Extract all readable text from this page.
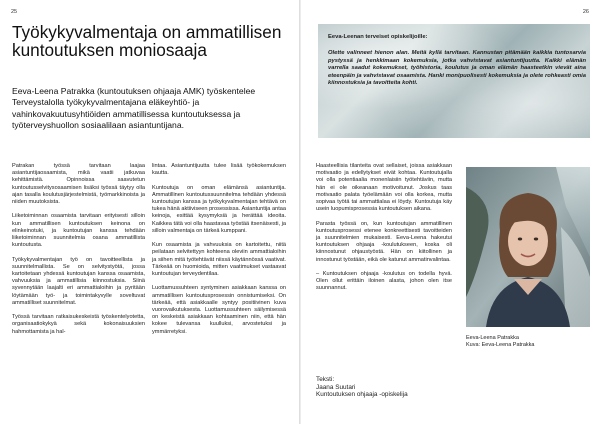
25
Työkykyvalmentaja on ammatillisen
kuntoutuksen moniosaaja

Eeva-Leena Patrakka (kuntoutuksen ohjaaja AMK) työskentelee Terveystalolla työkykyvalmentajana eläkeyhtiö- ja vahinkovakuutusyhtiöiden ammatillisessa kuntoutuksessa ja työterveyshuollon sosiaalilaan asiantuntijana.

Patrakan työssä tarvitaan laajaa asiantuntijaosaamista, mikä vaatii jatkuvaa kehittämistä. Opinnoissa saavutetun kuntoutusselvitysosaamisen lisäksi työssä täytyy olla ajan tasalla koulutusjärjestelmistä, työmarkkinoista ja niiden muutoksista.

Liiketoiminnan osaamista tarvitaan erityisesti silloin kun ammatillisen kuntoutuksen keinona on elinkeinotuki, ja kuntoutujan kanssa tehdään liiketoiminnan suunnitelmia osana ammatillista kuntoutusta.

Työkykyvalmentajan työ on tavoitteellista ja suunnitelmallista. Se on selvitystyötä, jossa kartoitetaan yhdessä kuntoutujan kanssa osaamista, vahvuuksia ja ammatillisia kiinnostuksia. Siinä syvennytään laajalti eri ammattialoihin ja pyritään löytämään työ- ja toimintakyvylle soveltuvat ammatilliset suunnitelmat.

Työssä tarvitaan ratkaisukeskeistä työskentelyotetta, organisaatiokykyä sekä kokonaisuuksien hahmottamista ja hal-

lintaa. Asiantuntijuutta tulee lisää työkokemuksen kautta.

Kuntoutuja on oman elämänsä asiantuntija. Ammatillinen kuntoutussuunnitelma tehdään yhdessä kuntoutujan kanssa ja työkykyvalmentajan tehtävä on tukea hänä aktiiviseen prosessissa. Asiantuntija antaa keinoja, esittää kysymyksiä ja herättää ideoita. Kaikkea tätä voi olla haastavaa työstää itsenäisesti, ja silloin valmentaja on tärkeä kumppani.

Kun osaamista ja vahvuuksia on kartoitettu, niitä peilataan selvitettyyn kohteena oleviin ammattialoihin ja siihen mitä työtehtävät niissä käytännössä vaativat. Tärkeää on huomioida, mitten vaatimukset vastaavat kuntoutujan terveydentilaa.

Luottamussuhteen syntyminen asiakkaan kanssa on ammatillisen kuntoutusprosessin onnistumiseksi. On tärkeää, että asiakkaalle syntyy positiivinen kuva vuorovaikutuksesta. Luottamussuhteen säilymisessä on keskeistä asiakkaan kohtaaminen niin, että hän kokee tulevansa kuulluksi, arvostetuksi ja ymmärretyksi.

26

Eeva-Leenan terveiset opiskelijoille:

Olette valinneet hienon alan. Meitä kyllä tarvitaan. Kannustan pitämään kaikkia tuntosarvia pystyssä ja henkkimaan kokemuksia, jotka vahvistavat asiantuntijuutta. Kaikki elämän varrella saadut kokemukset, työhistoria, koulutus ja oman elämän haasteetkin vievät aina eteenpäin ja vahvistavat osaamista. Hanki monipuolisesti kokemuksia ja olete rohkeasti omia kiinnostuksia ja tavoitteita kohti.

Haasteellisia tilanteita ovat sellaiset, joissa asiakkaan motivaatio ja edellytykset eivät kohtaa. Kuntoutujalla voi olla potentiaalia monenlaisiin työtehtäviin, mutta hän ei ole oikeanaan motivoitunut. Joskus taas motivaatio palata työelämään voi olla korkea, mutta sopivaa työtä tai ammattialaa ei löydy. Kuntoutuja käy usein luopumisprosessia kuntoutuksen aikana.

Parasta työssä on, kun kuntoutujan ammatillinen kuntoutusprosessi etenee konkreettisesti tavoitteiden ja suunnitelmien mukaisesti. Eeva-Leena hakeutui kuntoutuksen ohjaaja -koulutukseen, koska oli kiinnostunut ohjaustyöstä. Hän on kiitollinen ja innostunut työstään, eikä ole katunut ammatinvalintaa.

– Kuntoutuksen ohjaaja -koulutus on todella hyvä. Olen ollut erittäin iloinen alasta, johon olen itse suunnannut.

Eeva-Leena Patrakka
Kuva: Eeva-Leena Patrakka

Teksti:

Jaana Suutari

Kuntoutuksen ohjaaja -opiskelija
